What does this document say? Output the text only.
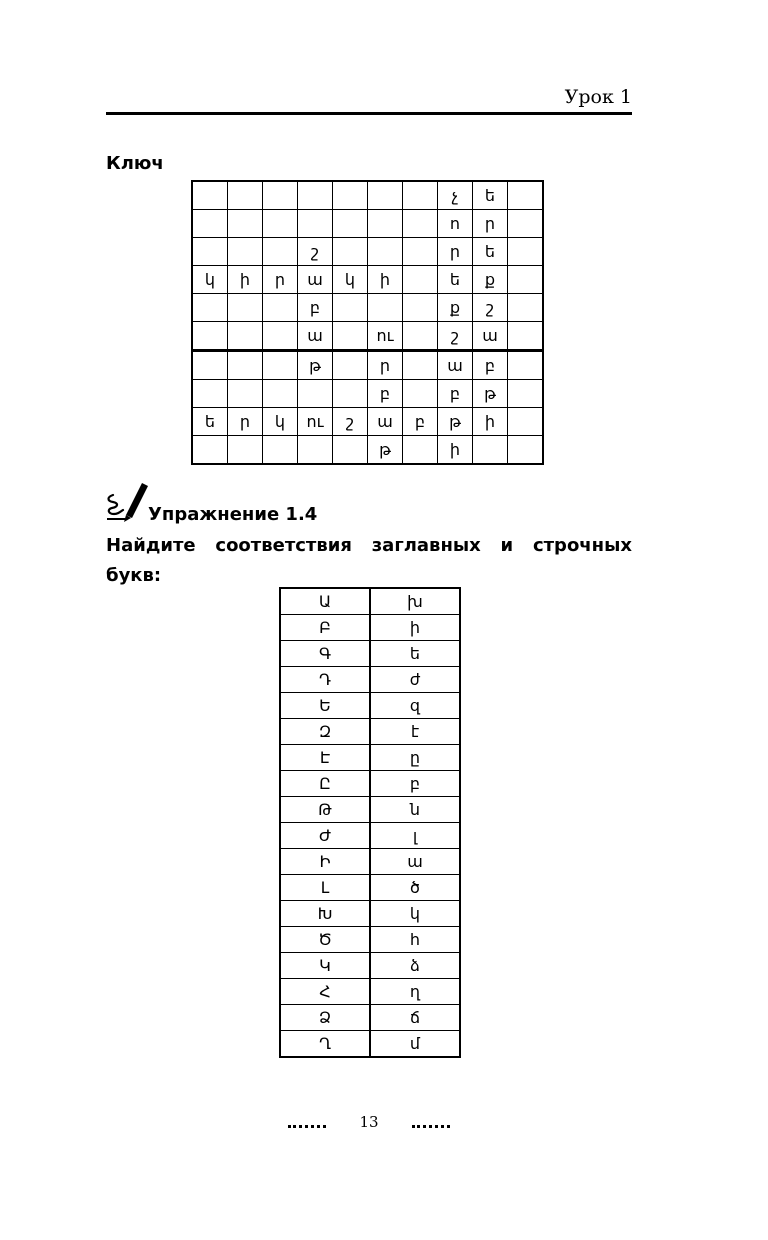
Урок 1
Ключ
							չ	ե	
							ո	ր	
			շ				ր	ե	
կ	ի	ր	ա	կ	ի		ե	ք	
			բ				ք	շ	
			ա		ու		շ	ա	
			թ		ր		ա	բ	
					բ		բ	թ	
ե	ր	կ	ու	շ	ա	բ	թ	ի	
					թ		ի		
Упражнение 1.4
Найдите соответствия заглавных и строчных букв:
Ա	խ
Բ	ի
Գ	ե
Դ	ժ
Ե	զ
Զ	է
Է	ը
Ը	բ
Թ	ն
Ժ	լ
Ի	ա
Լ	ծ
Խ	կ
Ծ	հ
Կ	ձ
Հ	ղ
Ձ	ճ
Ղ	մ
13
